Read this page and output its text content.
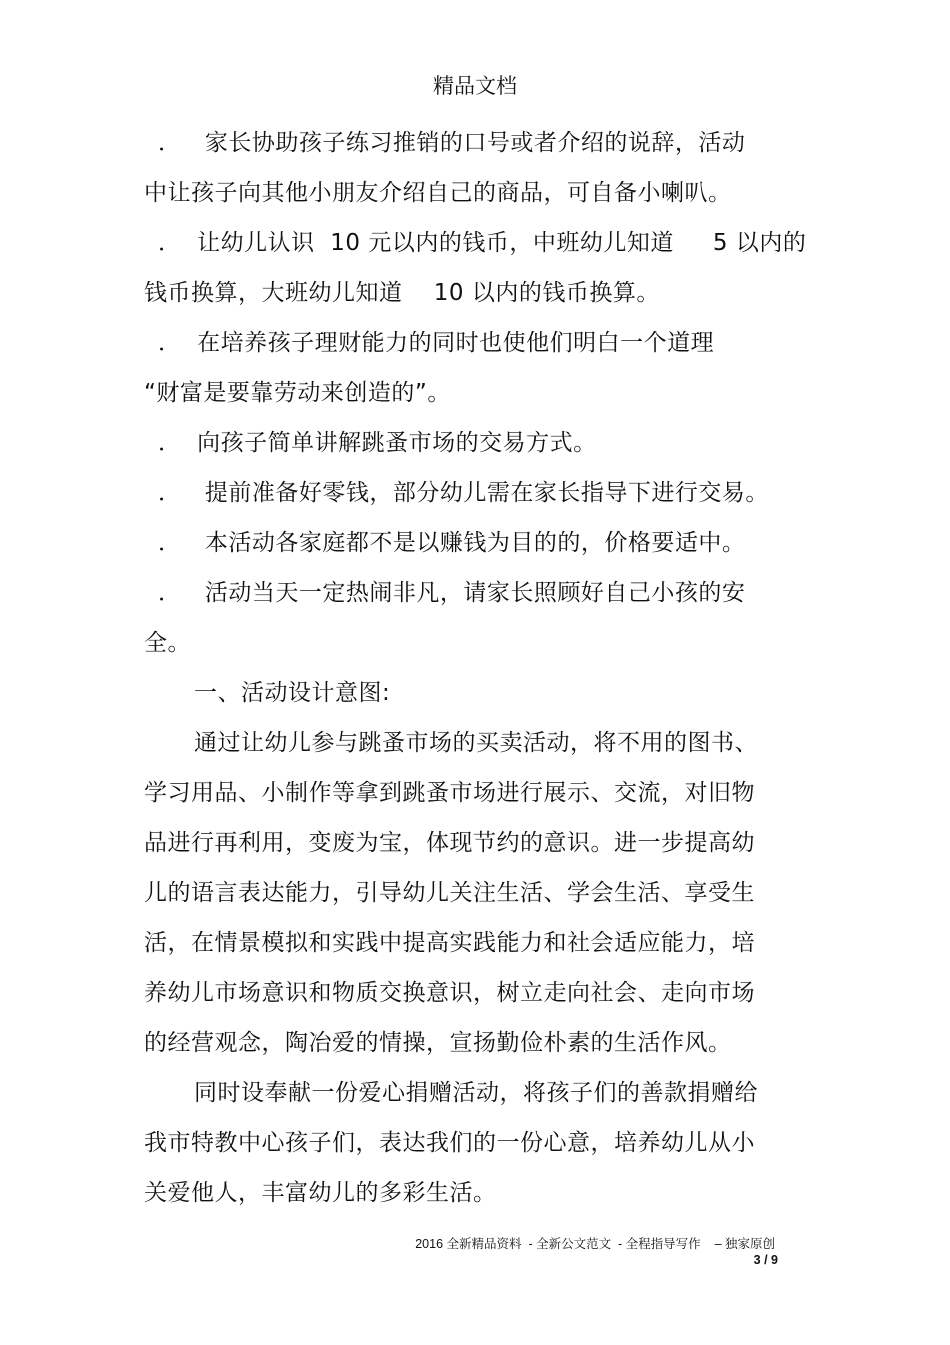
精品文档
．   家长协助孩子练习推销的口号或者介绍的说辞，活动
中让孩子向其他小朋友介绍自己的商品，可自备小喇叭。
．  让幼儿认识  10 元以内的钱币，中班幼儿知道     5 以内的
钱币换算，大班幼儿知道    10 以内的钱币换算。
．  在培养孩子理财能力的同时也使他们明白一个道理
“财富是要靠劳动来创造的”。
．  向孩子简单讲解跳蚤市场的交易方式。
．   提前准备好零钱，部分幼儿需在家长指导下进行交易。
．   本活动各家庭都不是以赚钱为目的的，价格要适中。
．   活动当天一定热闹非凡，请家长照顾好自己小孩的安
全。
一、活动设计意图:
通过让幼儿参与跳蚤市场的买卖活动，将不用的图书、
学习用品、小制作等拿到跳蚤市场进行展示、交流，对旧物
品进行再利用，变废为宝，体现节约的意识。进一步提高幼
儿的语言表达能力，引导幼儿关注生活、学会生活、享受生
活，在情景模拟和实践中提高实践能力和社会适应能力，培
养幼儿市场意识和物质交换意识，树立走向社会、走向市场
的经营观念，陶冶爱的情操，宣扬勤俭朴素的生活作风。
同时设奉献一份爱心捐赠活动，将孩子们的善款捐赠给
我市特教中心孩子们，表达我们的一份心意，培养幼儿从小
关爱他人，丰富幼儿的多彩生活。
2016 全新精品资料  - 全新公文范文  - 全程指导写作    – 独家原创
3 / 9
